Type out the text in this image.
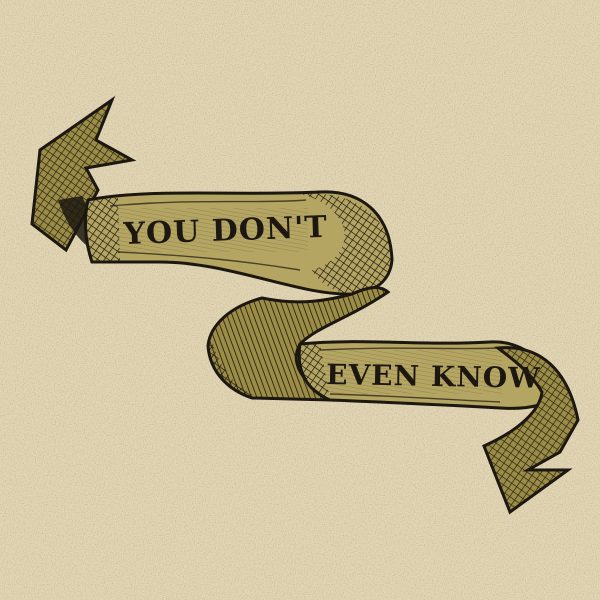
YOU DON'T
EVEN KNOW
